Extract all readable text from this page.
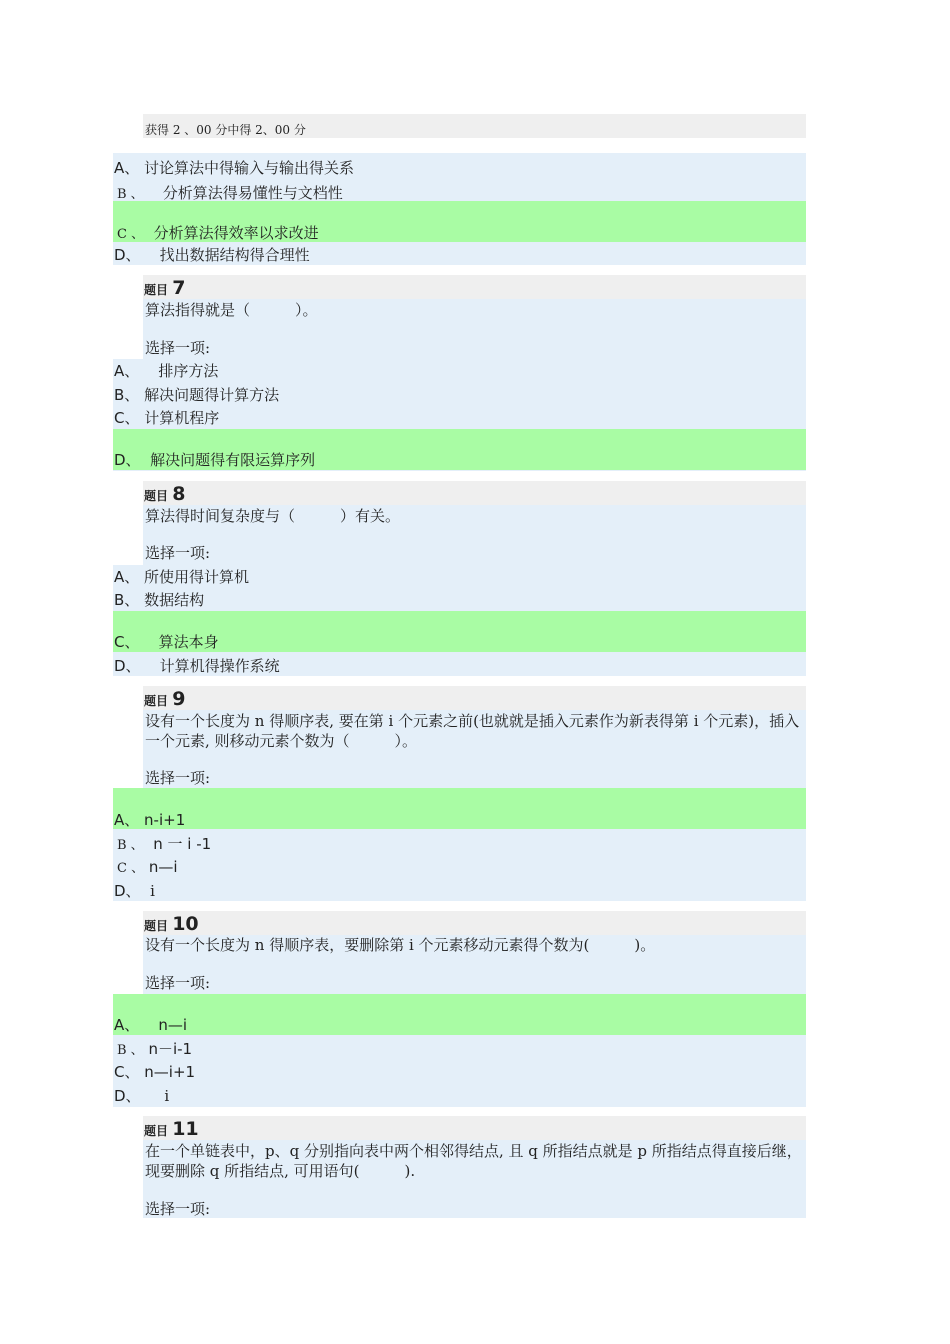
获得 2 、00 分中得 2、00 分
A、 讨论算法中得输入与输出得关系
B 、 分析算法得易懂性与文档性
C 、 分析算法得效率以求改进
D、 找出数据结构得合理性
题目 7
算法指得就是（　　　）。
选择一项:
A、 排序方法
B、 解决问题得计算方法
C、 计算机程序
D、 解决问题得有限运算序列
题目 8
算法得时间复杂度与（　　　）有关。
选择一项:
A、 所使用得计算机
B、 数据结构
C、 算法本身
D、 计算机得操作系统
题目 9
设有一个长度为 n 得顺序表, 要在第 i 个元素之前(也就就是插入元素作为新表得第 i 个元素)，插入一个元素, 则移动元素个数为（　　　）。
选择一项:
A、 n-i+1
B 、 n 一 i -1
C 、 n—i
D、 i
题目 10
设有一个长度为 n 得顺序表，要删除第 i 个元素移动元素得个数为(　　　)。
选择一项:
A、 n—i
B 、 n－i-1
C、 n—i+1
D、 i
题目 11
在一个单链表中，p、q 分别指向表中两个相邻得结点, 且 q 所指结点就是 p 所指结点得直接后继，现要删除 q 所指结点, 可用语句(　　　).
选择一项:
